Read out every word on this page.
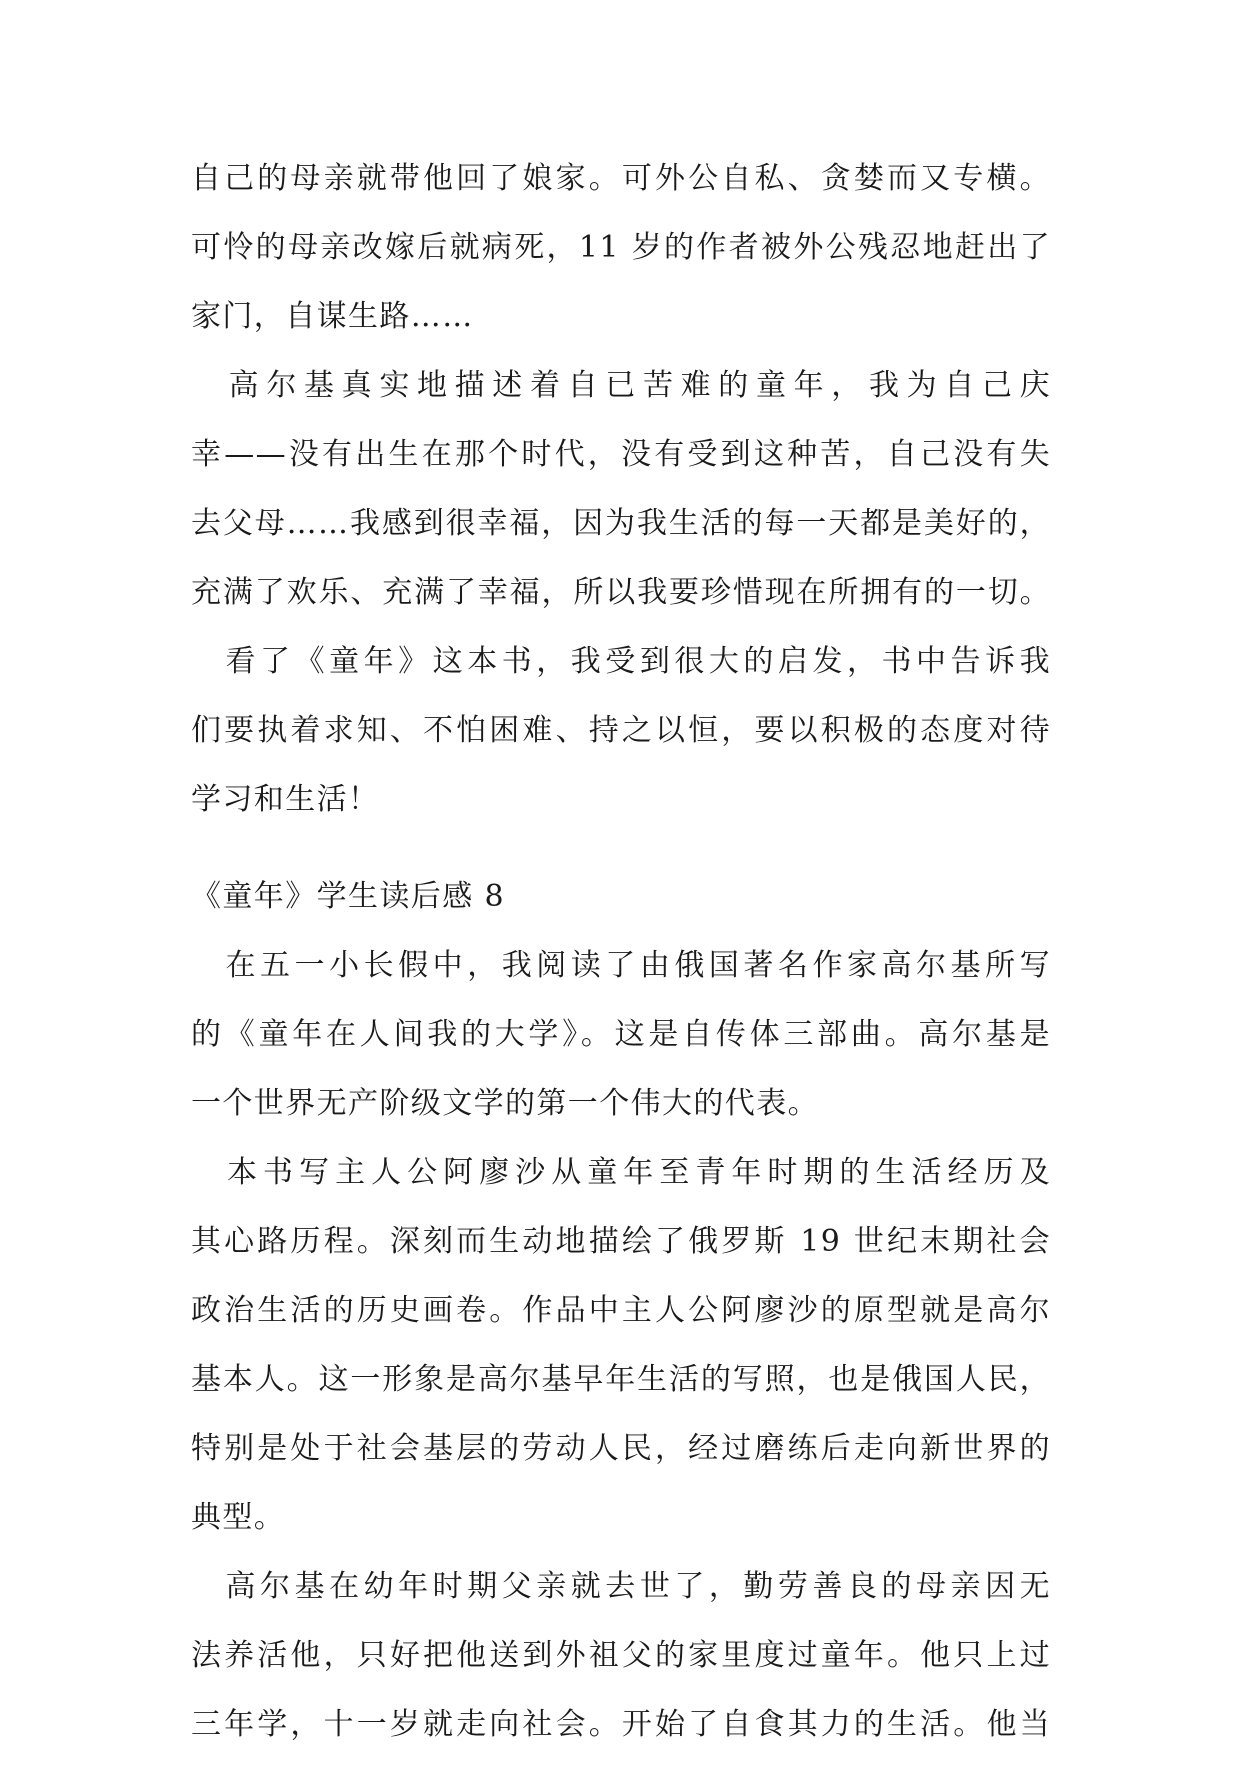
自己的母亲就带他回了娘家。可外公自私、贪婪而又专横。
可怜的母亲改嫁后就病死，11 岁的作者被外公残忍地赶出了
家门，自谋生路……
　高尔基真实地描述着自已苦难的童年，我为自己庆
幸——没有出生在那个时代，没有受到这种苦，自己没有失
去父母……我感到很幸福，因为我生活的每一天都是美好的，
充满了欢乐、充满了幸福，所以我要珍惜现在所拥有的一切。
　看了《童年》这本书，我受到很大的启发，书中告诉我
们要执着求知、不怕困难、持之以恒，要以积极的态度对待
学习和生活！
《童年》学生读后感 8
　在五一小长假中，我阅读了由俄国著名作家高尔基所写
的《童年在人间我的大学》。这是自传体三部曲。高尔基是
一个世界无产阶级文学的第一个伟大的代表。
　本书写主人公阿廖沙从童年至青年时期的生活经历及
其心路历程。深刻而生动地描绘了俄罗斯 19 世纪末期社会
政治生活的历史画卷。作品中主人公阿廖沙的原型就是高尔
基本人。这一形象是高尔基早年生活的写照，也是俄国人民，
特别是处于社会基层的劳动人民，经过磨练后走向新世界的
典型。
　高尔基在幼年时期父亲就去世了，勤劳善良的母亲因无
法养活他，只好把他送到外祖父的家里度过童年。他只上过
三年学，十一岁就走向社会。开始了自食其力的生活。他当
